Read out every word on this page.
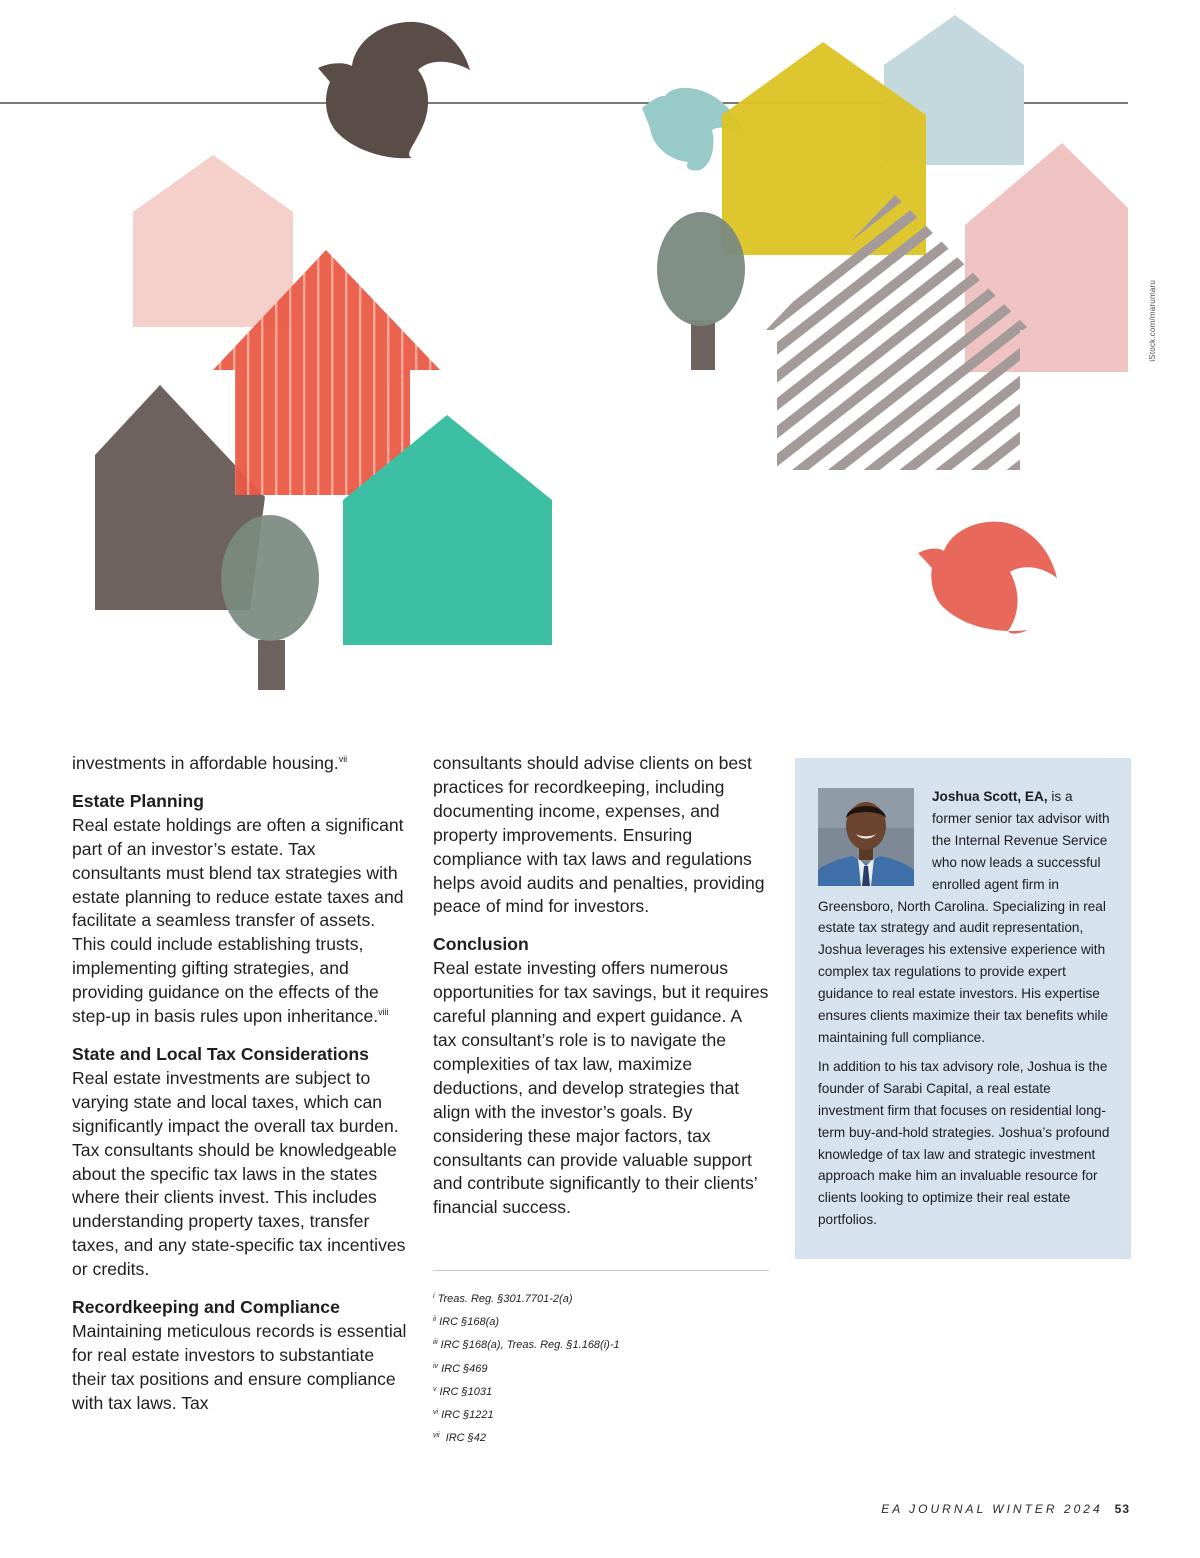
iStock.com/marumaru

investments in affordable housing.$^{vii}$

Estate Planning

Real estate holdings are often a significant part of an investor’s estate. Tax consultants must blend tax strategies with estate planning to reduce estate taxes and facilitate a seamless transfer of assets. This could include establishing trusts, implementing gifting strategies, and providing guidance on the effects of the step-up in basis rules upon inheritance.$^{viii}$

State and Local Tax Considerations

Real estate investments are subject to varying state and local taxes, which can significantly impact the overall tax burden. Tax consultants should be knowledgeable about the specific tax laws in the states where their clients invest. This includes understanding property taxes, transfer taxes, and any state-specific tax incentives or credits.

Recordkeeping and Compliance

Maintaining meticulous records is essential for real estate investors to substantiate their tax positions and ensure compliance with tax laws. Tax

consultants should advise clients on best practices for recordkeeping, including documenting income, expenses, and property improvements. Ensuring compliance with tax laws and regulations helps avoid audits and penalties, providing peace of mind for investors.

Conclusion

Real estate investing offers numerous opportunities for tax savings, but it requires careful planning and expert guidance. A tax consultant’s role is to navigate the complexities of tax law, maximize deductions, and develop strategies that align with the investor’s goals. By considering these major factors, tax consultants can provide valuable support and contribute significantly to their clients’ financial success.

$^i$ Treas. Reg. §301.7701-2(a)
$^{ii}$ IRC §168(a)
$^{iii}$ IRC §168(a), Treas. Reg. §1.168(i)-1
$^{iv}$ IRC §469
$^v$ IRC §1031
$^{vi}$ IRC §1221
$^{vii}$ IRC §42

Joshua Scott, EA, is a former senior tax advisor with the Internal Revenue Service who now leads a successful enrolled agent firm in Greensboro, North Carolina. Specializing in real estate tax strategy and audit representation, Joshua leverages his extensive experience with complex tax regulations to provide expert guidance to real estate investors. His expertise ensures clients maximize their tax benefits while maintaining full compliance.

In addition to his tax advisory role, Joshua is the founder of Sarabi Capital, a real estate investment firm that focuses on residential long-term buy-and-hold strategies. Joshua’s profound knowledge of tax law and strategic investment approach make him an invaluable resource for clients looking to optimize their real estate portfolios.

EA JOURNAL WINTER 2024 53
